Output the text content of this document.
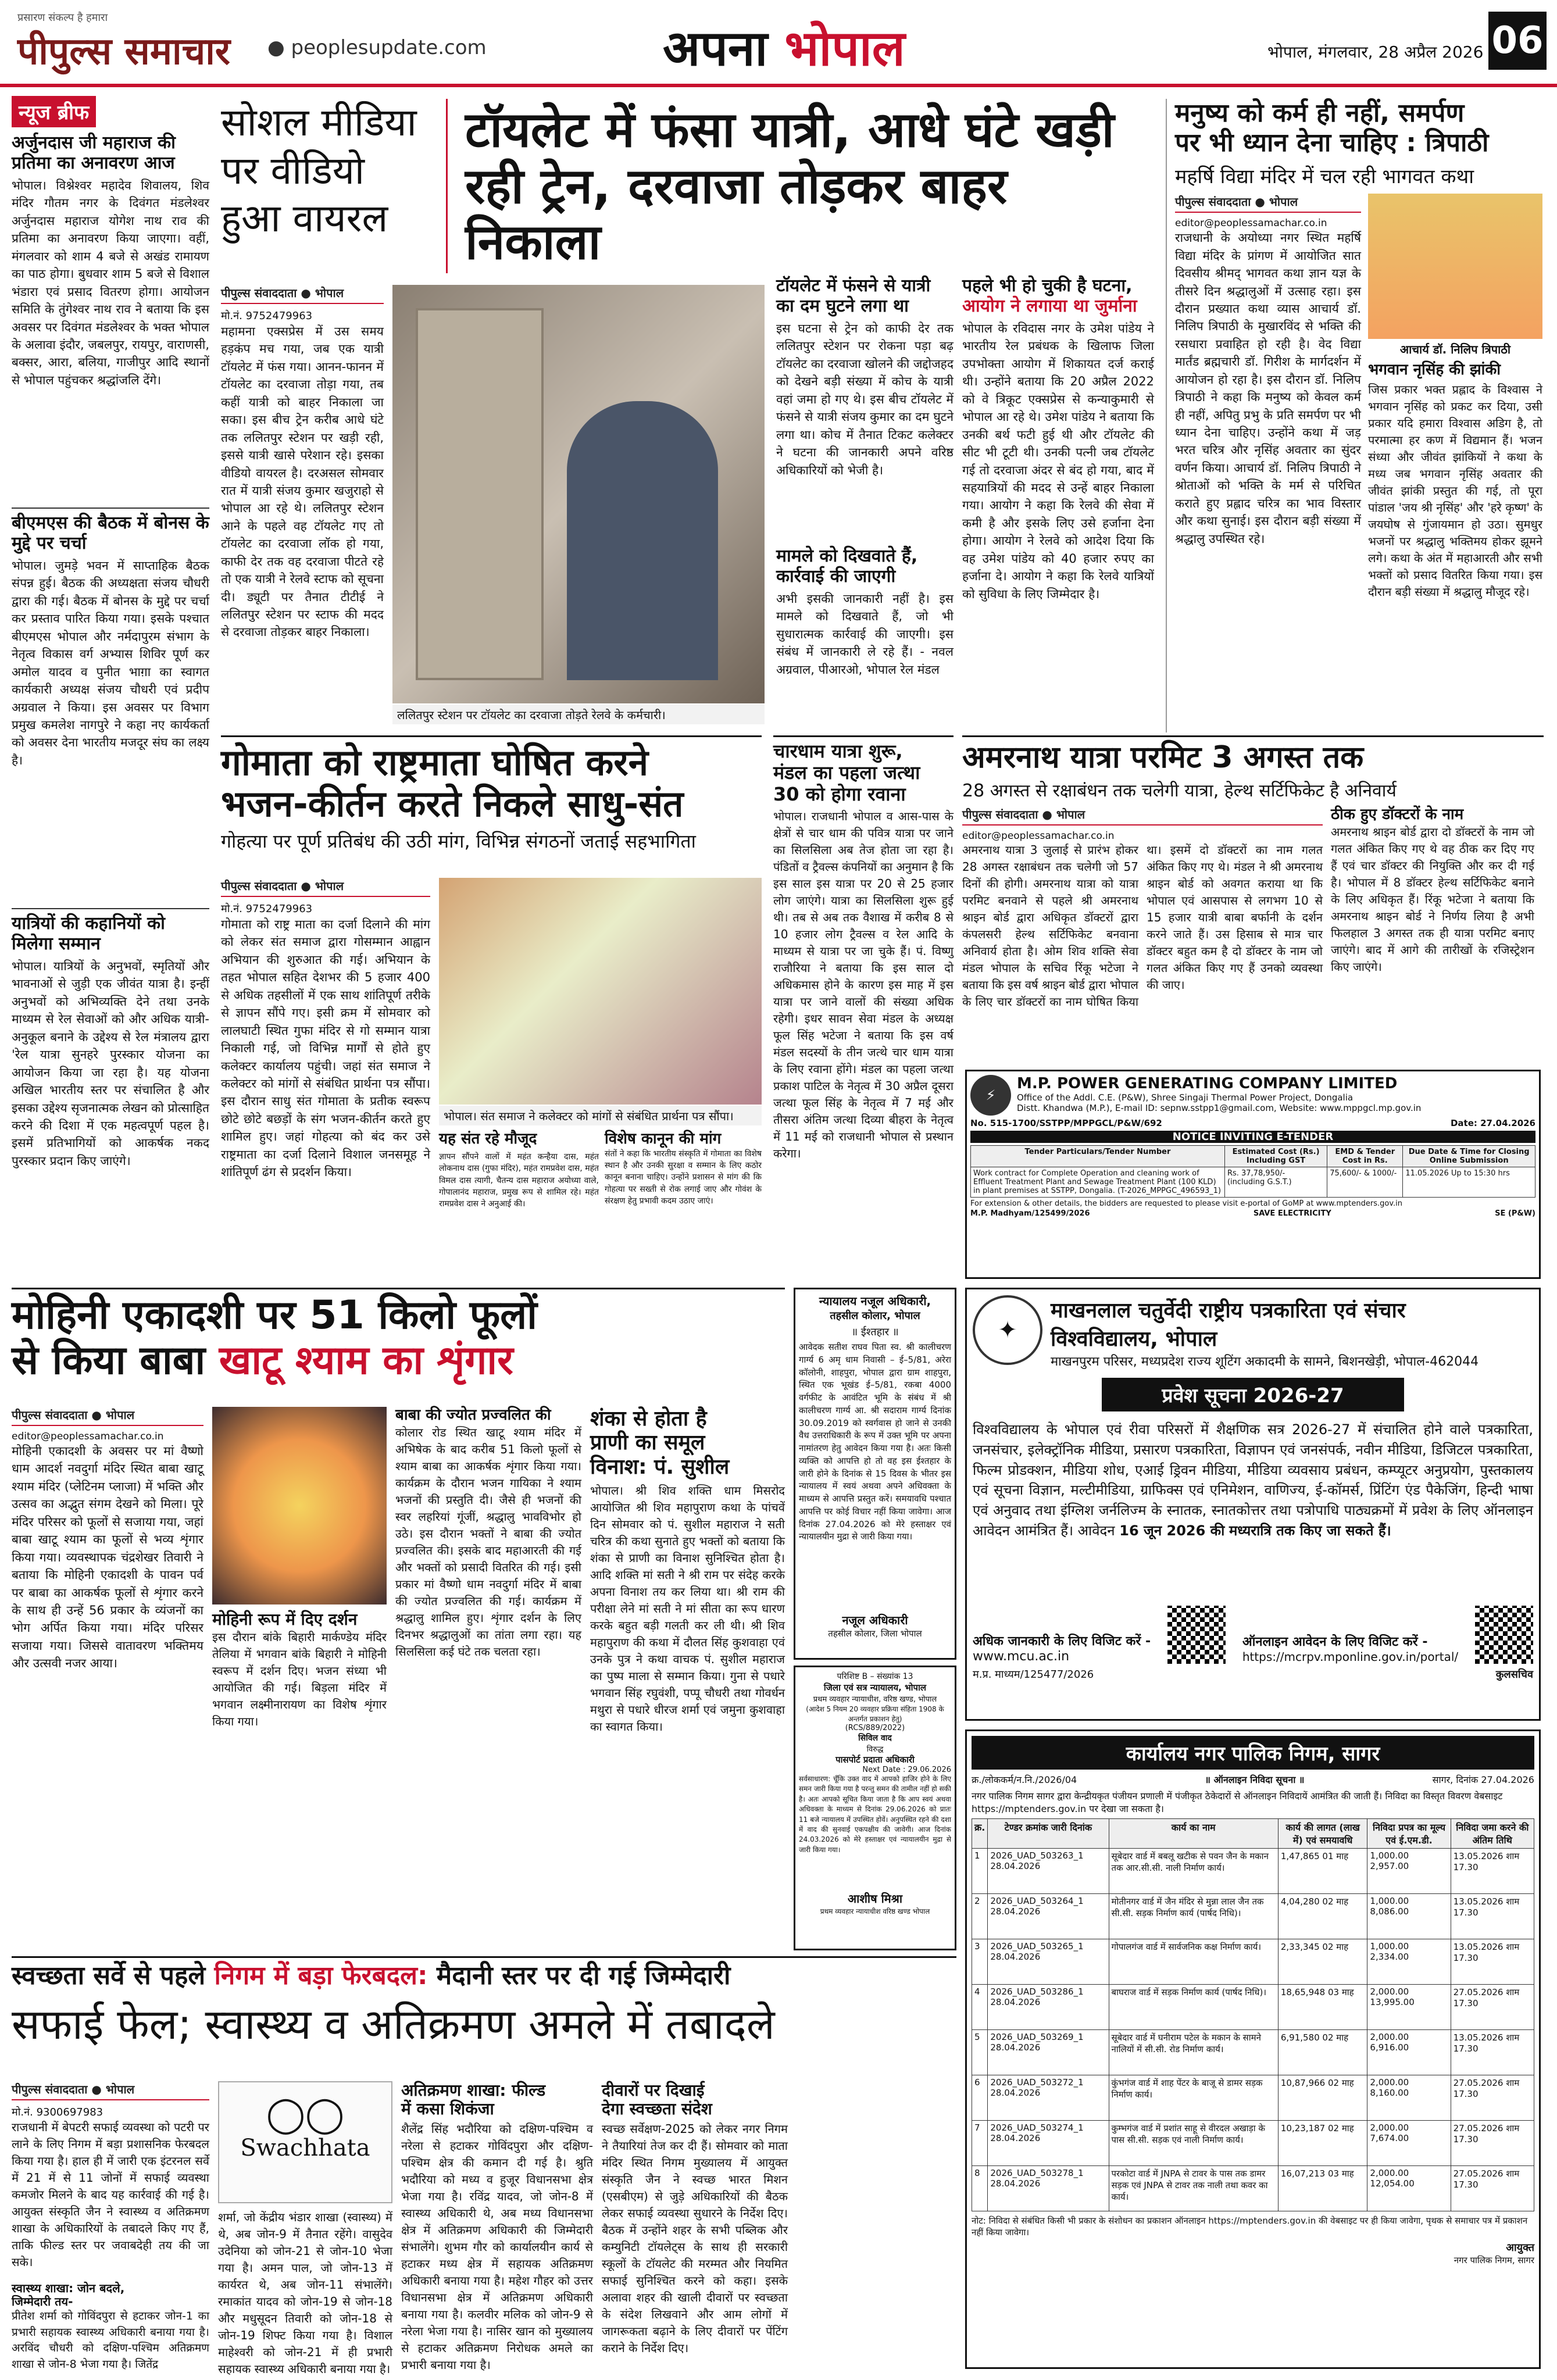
प्रसारण संकल्प है हमारा
पीपुल्स समाचार ● peoplesupdate.com	अपना भोपाल	भोपाल, मंगलवार, 28 अप्रैल 2026 06
न्यूज ब्रीफ
अर्जुनदास जी महाराज की प्रतिमा का अनावरण आज
भोपाल। विश्नेश्वर महादेव शिवालय, शिव मंदिर गौतम नगर के दिवंगत मंडलेश्वर अर्जुनदास महाराज योगेश नाथ राव की प्रतिमा का अनावरण किया जाएगा। वहीं, मंगलवार को शाम 4 बजे से अखंड रामायण का पाठ होगा। बुधवार शाम 5 बजे से विशाल भंडारा एवं प्रसाद वितरण होगा। आयोजन समिति के तुंगेश्वर नाथ राव ने बताया कि इस अवसर पर दिवंगत मंडलेश्वर के भक्त भोपाल के अलावा इंदौर, जबलपुर, रायपुर, वाराणसी, बक्सर, आरा, बलिया, गाजीपुर आदि स्थानों से भोपाल पहुंचकर श्रद्धांजलि देंगे।
बीएमएस की बैठक में बोनस के मुद्दे पर चर्चा
भोपाल। जुमड़े भवन में साप्ताहिक बैठक संपन्न हुई। बैठक की अध्यक्षता संजय चौधरी द्वारा की गई। बैठक में बोनस के मुद्दे पर चर्चा कर प्रस्ताव पारित किया गया। इसके पश्चात बीएमएस भोपाल और नर्मदापुरम संभाग के नेतृत्व विकास वर्ग अभ्यास शिविर पूर्ण कर अमोल यादव व पुनीत भाग़ा का स्वागत कार्यकारी अध्यक्ष संजय चौधरी एवं प्रदीप अग्रवाल ने किया। इस अवसर पर विभाग प्रमुख कमलेश नागपुरे ने कहा नए कार्यकर्ता को अवसर देना भारतीय मजदूर संघ का लक्ष्य है।
यात्रियों की कहानियों को मिलेगा सम्मान
भोपाल। यात्रियों के अनुभवों, स्मृतियों और भावनाओं से जुड़ी एक जीवंत यात्रा है। इन्हीं अनुभवों को अभिव्यक्ति देने तथा उनके माध्यम से रेल सेवाओं को और अधिक यात्री-अनुकूल बनाने के उद्देश्य से रेल मंत्रालय द्वारा 'रेल यात्रा सुनहरे पुरस्कार योजना का आयोजन किया जा रहा है। यह योजना अखिल भारतीय स्तर पर संचालित है और इसका उद्देश्य सृजनात्मक लेखन को प्रोत्साहित करने की दिशा में एक महत्वपूर्ण पहल है। इसमें प्रतिभागियों को आकर्षक नकद पुरस्कार प्रदान किए जाएंगे।
सोशल मीडिया
पर वीडियो
हुआ वायरल
टॉयलेट में फंसा यात्री, आधे घंटे खड़ी
रही ट्रेन, दरवाजा तोड़कर बाहर निकाला
पीपुल्स संवाददाता ● भोपाल
मो.नं. 9752479963
महामना एक्सप्रेस में उस समय हड़कंप मच गया, जब एक यात्री टॉयलेट में फंस गया। आनन-फानन में टॉयलेट का दरवाजा तोड़ा गया, तब कहीं यात्री को बाहर निकाला जा सका। इस बीच ट्रेन करीब आधे घंटे तक ललितपुर स्टेशन पर खड़ी रही, इससे यात्री खासे परेशान रहे। इसका वीडियो वायरल है। दरअसल सोमवार रात में यात्री संजय कुमार खजुराहो से भोपाल आ रहे थे। ललितपुर स्टेशन आने के पहले वह टॉयलेट गए तो टॉयलेट का दरवाजा लॉक हो गया, काफी देर तक वह दरवाजा पीटते रहे तो एक यात्री ने रेलवे स्टाफ को सूचना दी। ड्यूटी पर तैनात टीटीई ने ललितपुर स्टेशन पर स्टाफ की मदद से दरवाजा तोड़कर बाहर निकाला।
ललितपुर स्टेशन पर टॉयलेट का दरवाजा तोड़ते रेलवे के कर्मचारी।
टॉयलेट में फंसने से यात्री का दम घुटने लगा था
इस घटना से ट्रेन को काफी देर तक ललितपुर स्टेशन पर रोकना पड़ा बढ़ टॉयलेट का दरवाजा खोलने की जद्दोजहद को देखने बड़ी संख्या में कोच के यात्री वहां जमा हो गए थे। इस बीच टॉयलेट में फंसने से यात्री संजय कुमार का दम घुटने लगा था। कोच में तैनात टिकट कलेक्टर ने घटना की जानकारी अपने वरिष्ठ अधिकारियों को भेजी है।
मामले को दिखवाते हैं, कार्रवाई की जाएगी
अभी इसकी जानकारी नहीं है। इस मामले को दिखवाते हैं, जो भी सुधारात्मक कार्रवाई की जाएगी। इस संबंध में जानकारी ले रहे हैं। - नवल अग्रवाल, पीआरओ, भोपाल रेल मंडल
पहले भी हो चुकी है घटना,
आयोग ने लगाया था जुर्माना
भोपाल के रविदास नगर के उमेश पांडेय ने भारतीय रेल प्रबंधक के खिलाफ जिला उपभोक्ता आयोग में शिकायत दर्ज कराई थी। उन्होंने बताया कि 20 अप्रैल 2022 को वे त्रिकूट एक्सप्रेस से कन्याकुमारी से भोपाल आ रहे थे। उमेश पांडेय ने बताया कि उनकी बर्थ फटी हुई थी और टॉयलेट की सीट भी टूटी थी। उनकी पत्नी जब टॉयलेट गई तो दरवाजा अंदर से बंद हो गया, बाद में सहयात्रियों की मदद से उन्हें बाहर निकाला गया। आयोग ने कहा कि रेलवे की सेवा में कमी है और इसके लिए उसे हर्जाना देना होगा। आयोग ने रेलवे को आदेश दिया कि वह उमेश पांडेय को 40 हजार रुपए का हर्जाना दे। आयोग ने कहा कि रेलवे यात्रियों को सुविधा के लिए जिम्मेदार है।
मनुष्य को कर्म ही नहीं, समर्पण
पर भी ध्यान देना चाहिए : त्रिपाठी
महर्षि विद्या मंदिर में चल रही भागवत कथा
पीपुल्स संवाददाता ● भोपाल
editor@peoplessamachar.co.in
राजधानी के अयोध्या नगर स्थित महर्षि विद्या मंदिर के प्रांगण में आयोजित सात दिवसीय श्रीमद् भागवत कथा ज्ञान यज्ञ के तीसरे दिन श्रद्धालुओं में उत्साह रहा। इस दौरान प्रख्यात कथा व्यास आचार्य डॉ. निलिप त्रिपाठी के मुखारविंद से भक्ति की रसधारा प्रवाहित हो रही है। वेद विद्या मार्तंड ब्रह्मचारी डॉ. गिरीश के मार्गदर्शन में आयोजन हो रहा है। इस दौरान डॉ. निलिप त्रिपाठी ने कहा कि मनुष्य को केवल कर्म ही नहीं, अपितु प्रभु के प्रति समर्पण पर भी ध्यान देना चाहिए। उन्होंने कथा में जड़ भरत चरित्र और नृसिंह अवतार का सुंदर वर्णन किया। आचार्य डॉ. निलिप त्रिपाठी ने श्रोताओं को भक्ति के मर्म से परिचित कराते हुए प्रह्लाद चरित्र का भाव विस्तार और कथा सुनाई। इस दौरान बड़ी संख्या में श्रद्धालु उपस्थित रहे।
आचार्य डॉ. निलिप त्रिपाठी
भगवान नृसिंह की झांकी
जिस प्रकार भक्त प्रह्लाद के विश्वास ने भगवान नृसिंह को प्रकट कर दिया, उसी प्रकार यदि हमारा विश्वास अडिग है, तो परमात्मा हर कण में विद्यमान हैं। भजन संध्या और जीवंत झांकियों ने कथा के मध्य जब भगवान नृसिंह अवतार की जीवंत झांकी प्रस्तुत की गई, तो पूरा पांडाल 'जय श्री नृसिंह' और 'हरे कृष्ण' के जयघोष से गुंजायमान हो उठा। सुमधुर भजनों पर श्रद्धालु भक्तिमय होकर झूमने लगे। कथा के अंत में महाआरती और सभी भक्तों को प्रसाद वितरित किया गया। इस दौरान बड़ी संख्या में श्रद्धालु मौजूद रहे।
गोमाता को राष्ट्रमाता घोषित करने
भजन-कीर्तन करते निकले साधु-संत
गोहत्या पर पूर्ण प्रतिबंध की उठी मांग, विभिन्न संगठनों जताई सहभागिता
पीपुल्स संवाददाता ● भोपाल
मो.नं. 9752479963
गोमाता को राष्ट्र माता का दर्जा दिलाने की मांग को लेकर संत समाज द्वारा गोसम्मान आह्वान अभियान की शुरुआत की गई। अभियान के तहत भोपाल सहित देशभर की 5 हजार 400 से अधिक तहसीलों में एक साथ शांतिपूर्ण तरीके से ज्ञापन सौंपे गए। इसी क्रम में सोमवार को लालघाटी स्थित गुफा मंदिर से गो सम्मान यात्रा निकाली गई, जो विभिन्न मार्गों से होते हुए कलेक्टर कार्यालय पहुंची। जहां संत समाज ने कलेक्टर को मांगों से संबंधित प्रार्थना पत्र सौंपा। इस दौरान साधु संत गोमाता के प्रतीक स्वरूप छोटे छोटे बछड़ों के संग भजन-कीर्तन करते हुए शामिल हुए। जहां गोहत्या को बंद कर उसे राष्ट्रमाता का दर्जा दिलाने विशाल जनसमूह ने शांतिपूर्ण ढंग से प्रदर्शन किया।
भोपाल। संत समाज ने कलेक्टर को मांगों से संबंधित प्रार्थना पत्र सौंपा।
यह संत रहे मौजूद
ज्ञापन सौंपने वालों में महंत कन्हैया दास, महंत लोकनाथ दास (गुफा मंदिर), महंत रामप्रवेश दास, महंत विमल दास त्यागी, चैतन्य दास महाराज अयोध्या वाले, गोपालानंद महाराज, प्रमुख रूप से शामिल रहे। महंत रामप्रवेश दास ने अनुआई की।
विशेष कानून की मांग
संतों ने कहा कि भारतीय संस्कृति में गोमाता का विशेष स्थान है और उनकी सुरक्षा व सम्मान के लिए कठोर कानून बनाना चाहिए। उन्होंने प्रशासन से मांग की कि गोहत्या पर सख्ती से रोक लगाई जाए और गोवंश के संरक्षण हेतु प्रभावी कदम उठाए जाएं।
चारधाम यात्रा शुरू,
मंडल का पहला जत्था
30 को होगा रवाना
भोपाल। राजधानी भोपाल व आस-पास के क्षेत्रों से चार धाम की पवित्र यात्रा पर जाने का सिलसिला अब तेज होता जा रहा है। पंडितों व ट्रैवल्स कंपनियों का अनुमान है कि इस साल इस यात्रा पर 20 से 25 हजार लोग जाएंगे। यात्रा का सिलसिला शुरू हुई थी। तब से अब तक वैशाख में करीब 8 से 10 हजार लोग ट्रैवल्स व रेल आदि के माध्यम से यात्रा पर जा चुके हैं। पं. विष्णु राजौरिया ने बताया कि इस साल दो अधिकमास होने के कारण इस माह में इस यात्रा पर जाने वालों की संख्या अधिक रहेगी। इधर सावन सेवा मंडल के अध्यक्ष फूल सिंह भटेजा ने बताया कि इस वर्ष मंडल सदस्यों के तीन जत्थे चार धाम यात्रा के लिए रवाना होंगे। मंडल का पहला जत्था प्रकाश पाटिल के नेतृत्व में 30 अप्रैल दूसरा जत्था फूल सिंह के नेतृत्व में 7 मई और तीसरा अंतिम जत्था दिव्या बीहरा के नेतृत्व में 11 मई को राजधानी भोपाल से प्रस्थान करेगा।
अमरनाथ यात्रा परमिट 3 अगस्त तक
28 अगस्त से रक्षाबंधन तक चलेगी यात्रा, हेल्थ सर्टिफिकेट है अनिवार्य
पीपुल्स संवाददाता ● भोपाल
editor@peoplessamachar.co.in
अमरनाथ यात्रा 3 जुलाई से प्रारंभ होकर 28 अगस्त रक्षाबंधन तक चलेगी जो 57 दिनों की होगी। अमरनाथ यात्रा को यात्रा परमिट बनवाने से पहले श्री अमरनाथ श्राइन बोर्ड द्वारा अधिकृत डॉक्टरों द्वारा कंपलसरी हेल्थ सर्टिफिकेट बनवाना अनिवार्य होता है। ओम शिव शक्ति सेवा मंडल भोपाल के सचिव रिंकू भटेजा ने बताया कि इस वर्ष श्राइन बोर्ड द्वारा भोपाल के लिए चार डॉक्टरों का नाम घोषित किया था। इसमें दो डॉक्टरों का नाम गलत अंकित किए गए थे। मंडल ने श्री अमरनाथ श्राइन बोर्ड को अवगत कराया था कि भोपाल एवं आसपास से लगभग 10 से 15 हजार यात्री बाबा बर्फानी के दर्शन करने जाते हैं। उस हिसाब से मात्र चार डॉक्टर बहुत कम है दो डॉक्टर के नाम जो गलत अंकित किए गए हैं उनको व्यवस्था की जाए।
ठीक हुए डॉक्टरों के नाम
अमरनाथ श्राइन बोर्ड द्वारा दो डॉक्टरों के नाम जो गलत अंकित किए गए थे वह ठीक कर दिए गए हैं एवं चार डॉक्टर की नियुक्ति और कर दी गई है। भोपाल में 8 डॉक्टर हेल्थ सर्टिफिकेट बनाने के लिए अधिकृत हैं। रिंकू भटेजा ने बताया कि अमरनाथ श्राइन बोर्ड ने निर्णय लिया है अभी फिलहाल 3 अगस्त तक ही यात्रा परमिट बनाए जाएंगे। बाद में आगे की तारीखों के रजिस्ट्रेशन किए जाएंगे।
⚡
M.P. POWER GENERATING COMPANY LIMITED
Office of the Addl. C.E. (P&W), Shree Singaji Thermal Power Project, Dongalia
Distt. Khandwa (M.P.), E-mail ID: sepnw.sstpp1@gmail.com, Website: www.mppgcl.mp.gov.in
No. 515-1700/SSTPP/MPPGCL/P&W/692	Date: 27.04.2026
NOTICE INVITING E-TENDER
Tender Particulars/Tender Number	Estimated Cost (Rs.) Including GST	EMD & Tender Cost in Rs.	Due Date & Time for Closing Online Submission
Work contract for Complete Operation and cleaning work of Effluent Treatment Plant and Sewage Treatment Plant (100 KLD) in plant premises at SSTPP, Dongalia. (T-2026_MPPGC_496593_1)	Rs. 37,78,950/- (including G.S.T.)	75,600/- & 1000/-	11.05.2026 Up to 15:30 hrs
For extension & other details, the bidders are requested to please visit e-portal of GoMP at www.mptenders.gov.in
M.P. Madhyam/125499/2026	SAVE ELECTRICITY	SE (P&W)
मोहिनी एकादशी पर 51 किलो फूलों
से किया बाबा खाटू श्याम का शृंगार
पीपुल्स संवाददाता ● भोपाल
editor@peoplessamachar.co.in
मोहिनी एकादशी के अवसर पर मां वैष्णो धाम आदर्श नवदुर्गा मंदिर स्थित बाबा खाटू श्याम मंदिर (प्लेटिनम प्लाजा) में भक्ति और उत्सव का अद्भुत संगम देखने को मिला। पूरे मंदिर परिसर को फूलों से सजाया गया, जहां बाबा खाटू श्याम का फूलों से भव्य शृंगार किया गया। व्यवस्थापक चंद्रशेखर तिवारी ने बताया कि मोहिनी एकादशी के पावन पर्व पर बाबा का आकर्षक फूलों से शृंगार करने के साथ ही उन्हें 56 प्रकार के व्यंजनों का भोग अर्पित किया गया। मंदिर परिसर सजाया गया। जिससे वातावरण भक्तिमय और उत्सवी नजर आया।
मोहिनी रूप में दिए दर्शन
इस दौरान बांके बिहारी मार्कण्डेय मंदिर तेलिया में भगवान बांके बिहारी ने मोहिनी स्वरूप में दर्शन दिए। भजन संध्या भी आयोजित की गई। बिड़ला मंदिर में भगवान लक्ष्मीनारायण का विशेष शृंगार किया गया।
बाबा की ज्योत प्रज्वलित की
कोलार रोड स्थित खाटू श्याम मंदिर में अभिषेक के बाद करीब 51 किलो फूलों से श्याम बाबा का आकर्षक शृंगार किया गया। कार्यक्रम के दौरान भजन गायिका ने श्याम भजनों की प्रस्तुति दी। जैसे ही भजनों की स्वर लहरियां गूंजीं, श्रद्धालु भावविभोर हो उठे। इस दौरान भक्तों ने बाबा की ज्योत प्रज्वलित की। इसके बाद महाआरती की गई और भक्तों को प्रसादी वितरित की गई। इसी प्रकार मां वैष्णो धाम नवदुर्गा मंदिर में बाबा की ज्योत प्रज्वलित की गई। कार्यक्रम में श्रद्धालु शामिल हुए। शृंगार दर्शन के लिए दिनभर श्रद्धालुओं का तांता लगा रहा। यह सिलसिला कई घंटे तक चलता रहा।
शंका से होता है
प्राणी का समूल
विनाश: पं. सुशील
भोपाल। श्री शिव शक्ति धाम मिसरोद आयोजित श्री शिव महापुराण कथा के पांचवें दिन सोमवार को पं. सुशील महाराज ने सती चरित्र की कथा सुनाते हुए भक्तों को बताया कि शंका से प्राणी का विनाश सुनिश्चित होता है। आदि शक्ति मां सती ने श्री राम पर संदेह करके अपना विनाश तय कर लिया था। श्री राम की परीक्षा लेने मां सती ने मां सीता का रूप धारण करके बहुत बड़ी गलती कर ली थी। श्री शिव महापुराण की कथा में दौलत सिंह कुशवाहा एवं उनके पुत्र ने कथा वाचक पं. सुशील महाराज का पुष्प माला से सम्मान किया। गुना से पधारे भगवान सिंह रघुवंशी, पप्पू चौधरी तथा गोवर्धन मथुरा से पधारे धीरज शर्मा एवं जमुना कुशवाहा का स्वागत किया।
न्यायालय नजूल अधिकारी,
तहसील कोलार, भोपाल
॥ ईश्तहार ॥
आवेदक सतीश राघव पिता स्व. श्री कालीचरण गार्ग्य 6 अमृ धाम निवासी – ई–5/81, अरेरा कॉलोनी, शाहपुरा, भोपाल द्वारा ग्राम शाहपुरा, स्थित एक भूखंड ई–5/81, रकबा 4000 वर्गफीट के आवंटित भूमि के संबंध में श्री कालीचरण गार्ग्य आ. श्री सदाराम गार्ग्य दिनांक 30.09.2019 को स्वर्गवास हो जाने से उनकी वैध उत्तराधिकारी के रूप में उक्त भूमि पर अपना नामांतरण हेतु आवेदन किया गया है। अतः किसी व्यक्ति को आपत्ति हो तो वह इस ईश्तहार के जारी होने के दिनांक से 15 दिवस के भीतर इस न्यायालय में स्वयं अथवा अपने अधिवक्ता के माध्यम से आपत्ति प्रस्तुत करें। समयावधि पश्चात आपत्ति पर कोई विचार नहीं किया जावेगा। आज दिनांक 27.04.2026 को मेरे हस्ताक्षर एवं न्यायालयीन मुद्रा से जारी किया गया।
नजूल अधिकारी
तहसील कोलार, जिला भोपाल
परिशिष्ट B – संख्यांक 13
जिला एवं सत्र न्यायालय, भोपाल
प्रथम व्यवहार न्यायाधीश, वरिष्ठ खण्ड, भोपाल
(आदेश 5 नियम 20 व्यवहार प्रक्रिया संहिता 1908 के अन्तर्गत प्रकाशन हेतु)
(RCS/889/2022)
सिविल वाद
विरुद्ध
पासपोर्ट प्रदाता अधिकारी
Next Date : 29.06.2026
सर्वसाधारण: चूँकि उक्त वाद में आपको हाजिर होने के लिए समन जारी किया गया है परन्तु समन की तामील नहीं हो सकी है। अतः आपको सूचित किया जाता है कि आप स्वयं अथवा अधिवक्ता के माध्यम से दिनांक 29.06.2026 को प्रातः 11 बजे न्यायालय में उपस्थित होवें। अनुपस्थित रहने की दशा में वाद की सुनवाई एकपक्षीय की जावेगी। आज दिनांक 24.03.2026 को मेरे हस्ताक्षर एवं न्यायालयीन मुद्रा से जारी किया गया।
आशीष मिश्रा
प्रथम व्यवहार न्यायाधीश वरिष्ठ खण्ड भोपाल
✦
माखनलाल चतुर्वेदी राष्ट्रीय पत्रकारिता एवं संचार
विश्वविद्यालय, भोपाल
माखनपुरम परिसर, मध्यप्रदेश राज्य शूटिंग अकादमी के सामने, बिशनखेड़ी, भोपाल-462044
प्रवेश सूचना 2026-27
विश्वविद्यालय के भोपाल एवं रीवा परिसरों में शैक्षणिक सत्र 2026-27 में संचालित होने वाले पत्रकारिता, जनसंचार, इलेक्ट्रॉनिक मीडिया, प्रसारण पत्रकारिता, विज्ञापन एवं जनसंपर्क, नवीन मीडिया, डिजिटल पत्रकारिता, फिल्म प्रोडक्शन, मीडिया शोध, एआई ड्रिवन मीडिया, मीडिया व्यवसाय प्रबंधन, कम्प्यूटर अनुप्रयोग, पुस्तकालय एवं सूचना विज्ञान, मल्टीमीडिया, ग्राफिक्स एवं एनिमेशन, वाणिज्य, ई-कॉमर्स, प्रिंटिंग एंड पैकेजिंग, हिन्दी भाषा एवं अनुवाद तथा इंग्लिश जर्नलिज्म के स्नातक, स्नातकोत्तर तथा पत्रोपाधि पाठ्यक्रमों में प्रवेश के लिए ऑनलाइन आवेदन आमंत्रित हैं। आवेदन 16 जून 2026 की मध्यरात्रि तक किए जा सकते हैं।
अधिक जानकारी के लिए विजिट करें -
www.mcu.ac.in
ऑनलाइन आवेदन के लिए विजिट करें -
https://mcrpv.mponline.gov.in/portal/
म.प्र. माध्यम/125477/2026	कुलसचिव
कार्यालय नगर पालिक निगम, सागर
क्र./लोककर्म/न.नि./2026/04	॥ ऑनलाइन निविदा सूचना ॥	सागर, दिनांक 27.04.2026
नगर पालिक निगम सागर द्वारा केन्द्रीयकृत पंजीयन प्रणाली में पंजीकृत ठेकेदारों से ऑनलाइन निविदायें आमंत्रित की जाती हैं। निविदा का विस्तृत विवरण वेबसाइट https://mptenders.gov.in पर देखा जा सकता है।
क्र.	टेण्डर क्रमांक जारी दिनांक	कार्य का नाम	कार्य की लागत (लाख में) एवं समयावधि	निविदा प्रपत्र का मूल्य एवं ई.एम.डी.	निविदा जमा करने की अंतिम तिथि
1	2026_UAD_503263_1 28.04.2026	सूबेदार वार्ड में बबलू खटीक से पवन जैन के मकान तक आर.सी.सी. नाली निर्माण कार्य।	1,47,865 01 माह	1,000.00 2,957.00	13.05.2026 शाम 17.30
2	2026_UAD_503264_1 28.04.2026	मोतीनगर वार्ड में जैन मंदिर से मुन्ना लाल जैन तक सी.सी. सड़क निर्माण कार्य (पार्षद निधि)।	4,04,280 02 माह	1,000.00 8,086.00	13.05.2026 शाम 17.30
3	2026_UAD_503265_1 28.04.2026	गोपालगंज वार्ड में सार्वजनिक कक्ष निर्माण कार्य।	2,33,345 02 माह	1,000.00 2,334.00	13.05.2026 शाम 17.30
4	2026_UAD_503286_1 28.04.2026	बाघराज वार्ड में सड़क निर्माण कार्य (पार्षद निधि)।	18,65,948 03 माह	2,000.00 13,995.00	27.05.2026 शाम 17.30
5	2026_UAD_503269_1 28.04.2026	सूबेदार वार्ड में घनीराम पटेल के मकान के सामने नालियों में सी.सी. रोड निर्माण कार्य।	6,91,580 02 माह	2,000.00 6,916.00	13.05.2026 शाम 17.30
6	2026_UAD_503272_1 28.04.2026	कुंभगंज वार्ड में शाह पेंटर के बाजू से डामर सड़क निर्माण कार्य।	10,87,966 02 माह	2,000.00 8,160.00	27.05.2026 शाम 17.30
7	2026_UAD_503274_1 28.04.2026	कुम्भगंज वार्ड में प्रशांत साहू से वीरदल अखाड़ा के पास सी.सी. सड़क एवं नाली निर्माण कार्य।	10,23,187 02 माह	2,000.00 7,674.00	27.05.2026 शाम 17.30
8	2026_UAD_503278_1 28.04.2026	परकोटा वार्ड में JNPA से टावर के पास तक डामर सड़क एवं JNPA से टावर तक नाली तथा कवर का कार्य।	16,07,213 03 माह	2,000.00 12,054.00	27.05.2026 शाम 17.30
नोट: निविदा से संबंधित किसी भी प्रकार के संशोधन का प्रकाशन ऑनलाइन https://mptenders.gov.in की वेबसाइट पर ही किया जावेगा, पृथक से समाचार पत्र में प्रकाशन नहीं किया जावेगा।
आयुक्त
नगर पालिक निगम, सागर
स्वच्छता सर्वे से पहले निगम में बड़ा फेरबदल: मैदानी स्तर पर दी गई जिम्मेदारी
सफाई फेल; स्वास्थ्य व अतिक्रमण अमले में तबादले
पीपुल्स संवाददाता ● भोपाल
मो.नं. 9300697983
राजधानी में बेपटरी सफाई व्यवस्था को पटरी पर लाने के लिए निगम में बड़ा प्रशासनिक फेरबदल किया गया है। हाल ही में जारी एक इंटरनल सर्वे में 21 में से 11 जोनों में सफाई व्यवस्था कमजोर मिलने के बाद यह कार्रवाई की गई है। आयुक्त संस्कृति जैन ने स्वास्थ्य व अतिक्रमण शाखा के अधिकारियों के तबादले किए गए हैं, ताकि फील्ड स्तर पर जवाबदेही तय की जा सके।
स्वास्थ्य शाखा: जोन बदले,
जिम्मेदारी तय-
प्रीतेश शर्मा को गोविंदपुरा से हटाकर जोन-1 का प्रभारी सहायक स्वास्थ्य अधिकारी बनाया गया है। अरविंद चौधरी को दक्षिण-पश्चिम अतिक्रमण शाखा से जोन-8 भेजा गया है। जितेंद्र
◯◯
Swachhata
शर्मा, जो केंद्रीय भंडार शाखा (स्वास्थ्य) में थे, अब जोन-9 में तैनात रहेंगे। वासुदेव उदेनिया को जोन-21 से जोन-10 भेजा गया है। अमन पाल, जो जोन-13 में कार्यरत थे, अब जोन-11 संभालेंगे। रमाकांत यादव को जोन-19 से जोन-18 और मधुसूदन तिवारी को जोन-18 से जोन-19 शिफ्ट किया गया है। विशाल माहेश्वरी को जोन-21 में ही प्रभारी सहायक स्वास्थ्य अधिकारी बनाया गया है।
अतिक्रमण शाखा: फील्ड
में कसा शिकंजा
शैलेंद्र सिंह भदौरिया को दक्षिण-पश्चिम व नरेला से हटाकर गोविंदपुरा और दक्षिण-पश्चिम क्षेत्र की कमान दी गई है। श्रुति भदौरिया को मध्य व हुजूर विधानसभा क्षेत्र भेजा गया है। रविंद्र यादव, जो जोन-8 में स्वास्थ्य अधिकारी थे, अब मध्य विधानसभा क्षेत्र में अतिक्रमण अधिकारी की जिम्मेदारी संभालेंगे। शुभम गौर को कार्यालयीन कार्य से हटाकर मध्य क्षेत्र में सहायक अतिक्रमण अधिकारी बनाया गया है। महेश गौहर को उत्तर विधानसभा क्षेत्र में अतिक्रमण अधिकारी बनाया गया है। कलवीर मलिक को जोन-9 से नरेला भेजा गया है। नासिर खान को मुख्यालय से हटाकर अतिक्रमण निरोधक अमले का प्रभारी बनाया गया है।
दीवारों पर दिखाई
देगा स्वच्छता संदेश
स्वच्छ सर्वेक्षण-2025 को लेकर नगर निगम ने तैयारियां तेज कर दी हैं। सोमवार को माता मंदिर स्थित निगम मुख्यालय में आयुक्त संस्कृति जैन ने स्वच्छ भारत मिशन (एसबीएम) से जुड़े अधिकारियों की बैठक लेकर सफाई व्यवस्था सुधारने के निर्देश दिए। बैठक में उन्होंने शहर के सभी पब्लिक और कम्युनिटी टॉयलेट्स के साथ ही सरकारी स्कूलों के टॉयलेट की मरम्मत और नियमित सफाई सुनिश्चित करने को कहा। इसके अलावा शहर की खाली दीवारों पर स्वच्छता के संदेश लिखवाने और आम लोगों में जागरूकता बढ़ाने के लिए दीवारों पर पेंटिंग कराने के निर्देश दिए।
